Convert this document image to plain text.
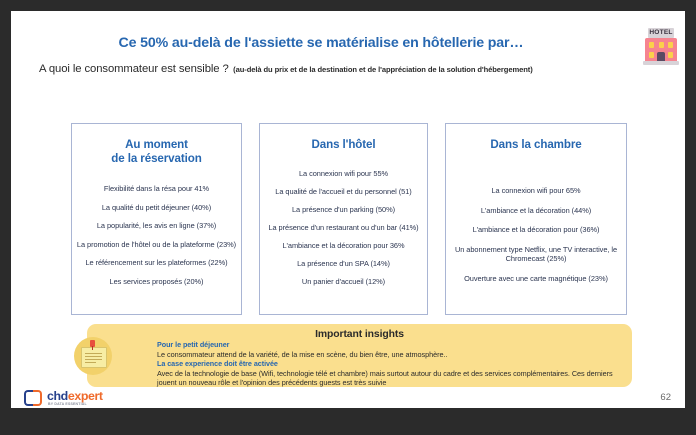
Ce 50% au-delà de l'assiette se matérialise en hôtellerie par…
A quoi le consommateur est sensible ? (au-delà du prix et de la destination et de l'appréciation de la solution d'hébergement)
HOTEL
Au moment
de la réservation
Flexibilité dans la résa pour 41%
La qualité du petit déjeuner (40%)
La popularité, les avis en ligne (37%)
La promotion de l'hôtel ou de la plateforme (23%)
Le référencement sur les plateformes (22%)
Les services proposés (20%)
Dans l'hôtel
La connexion wifi pour 55%
La qualité de l'accueil et du personnel (51)
La présence d'un parking (50%)
La présence d'un restaurant ou d'un bar (41%)
L'ambiance et la décoration pour 36%
La présence d'un SPA (14%)
Un panier d'accueil (12%)
Dans la chambre
La connexion wifi pour 65%
L'ambiance et la décoration (44%)
L'ambiance et la décoration pour (36%)
Un abonnement type Netflix, une TV interactive, le Chromecast (25%)
Ouverture avec une carte magnétique (23%)
Important insights
Pour le petit déjeuner
Le consommateur attend de la variété, de la mise en scène, du bien être, une atmosphère..
La case experience doit être activée
Avec de la technologie de base (Wifi, technologie télé et chambre) mais surtout autour du cadre et des services complémentaires. Ces derniers jouent un nouveau rôle et l'opinion des précédents guests est très suivie
chdexpert
BY DATA ESSENTIAL
62
